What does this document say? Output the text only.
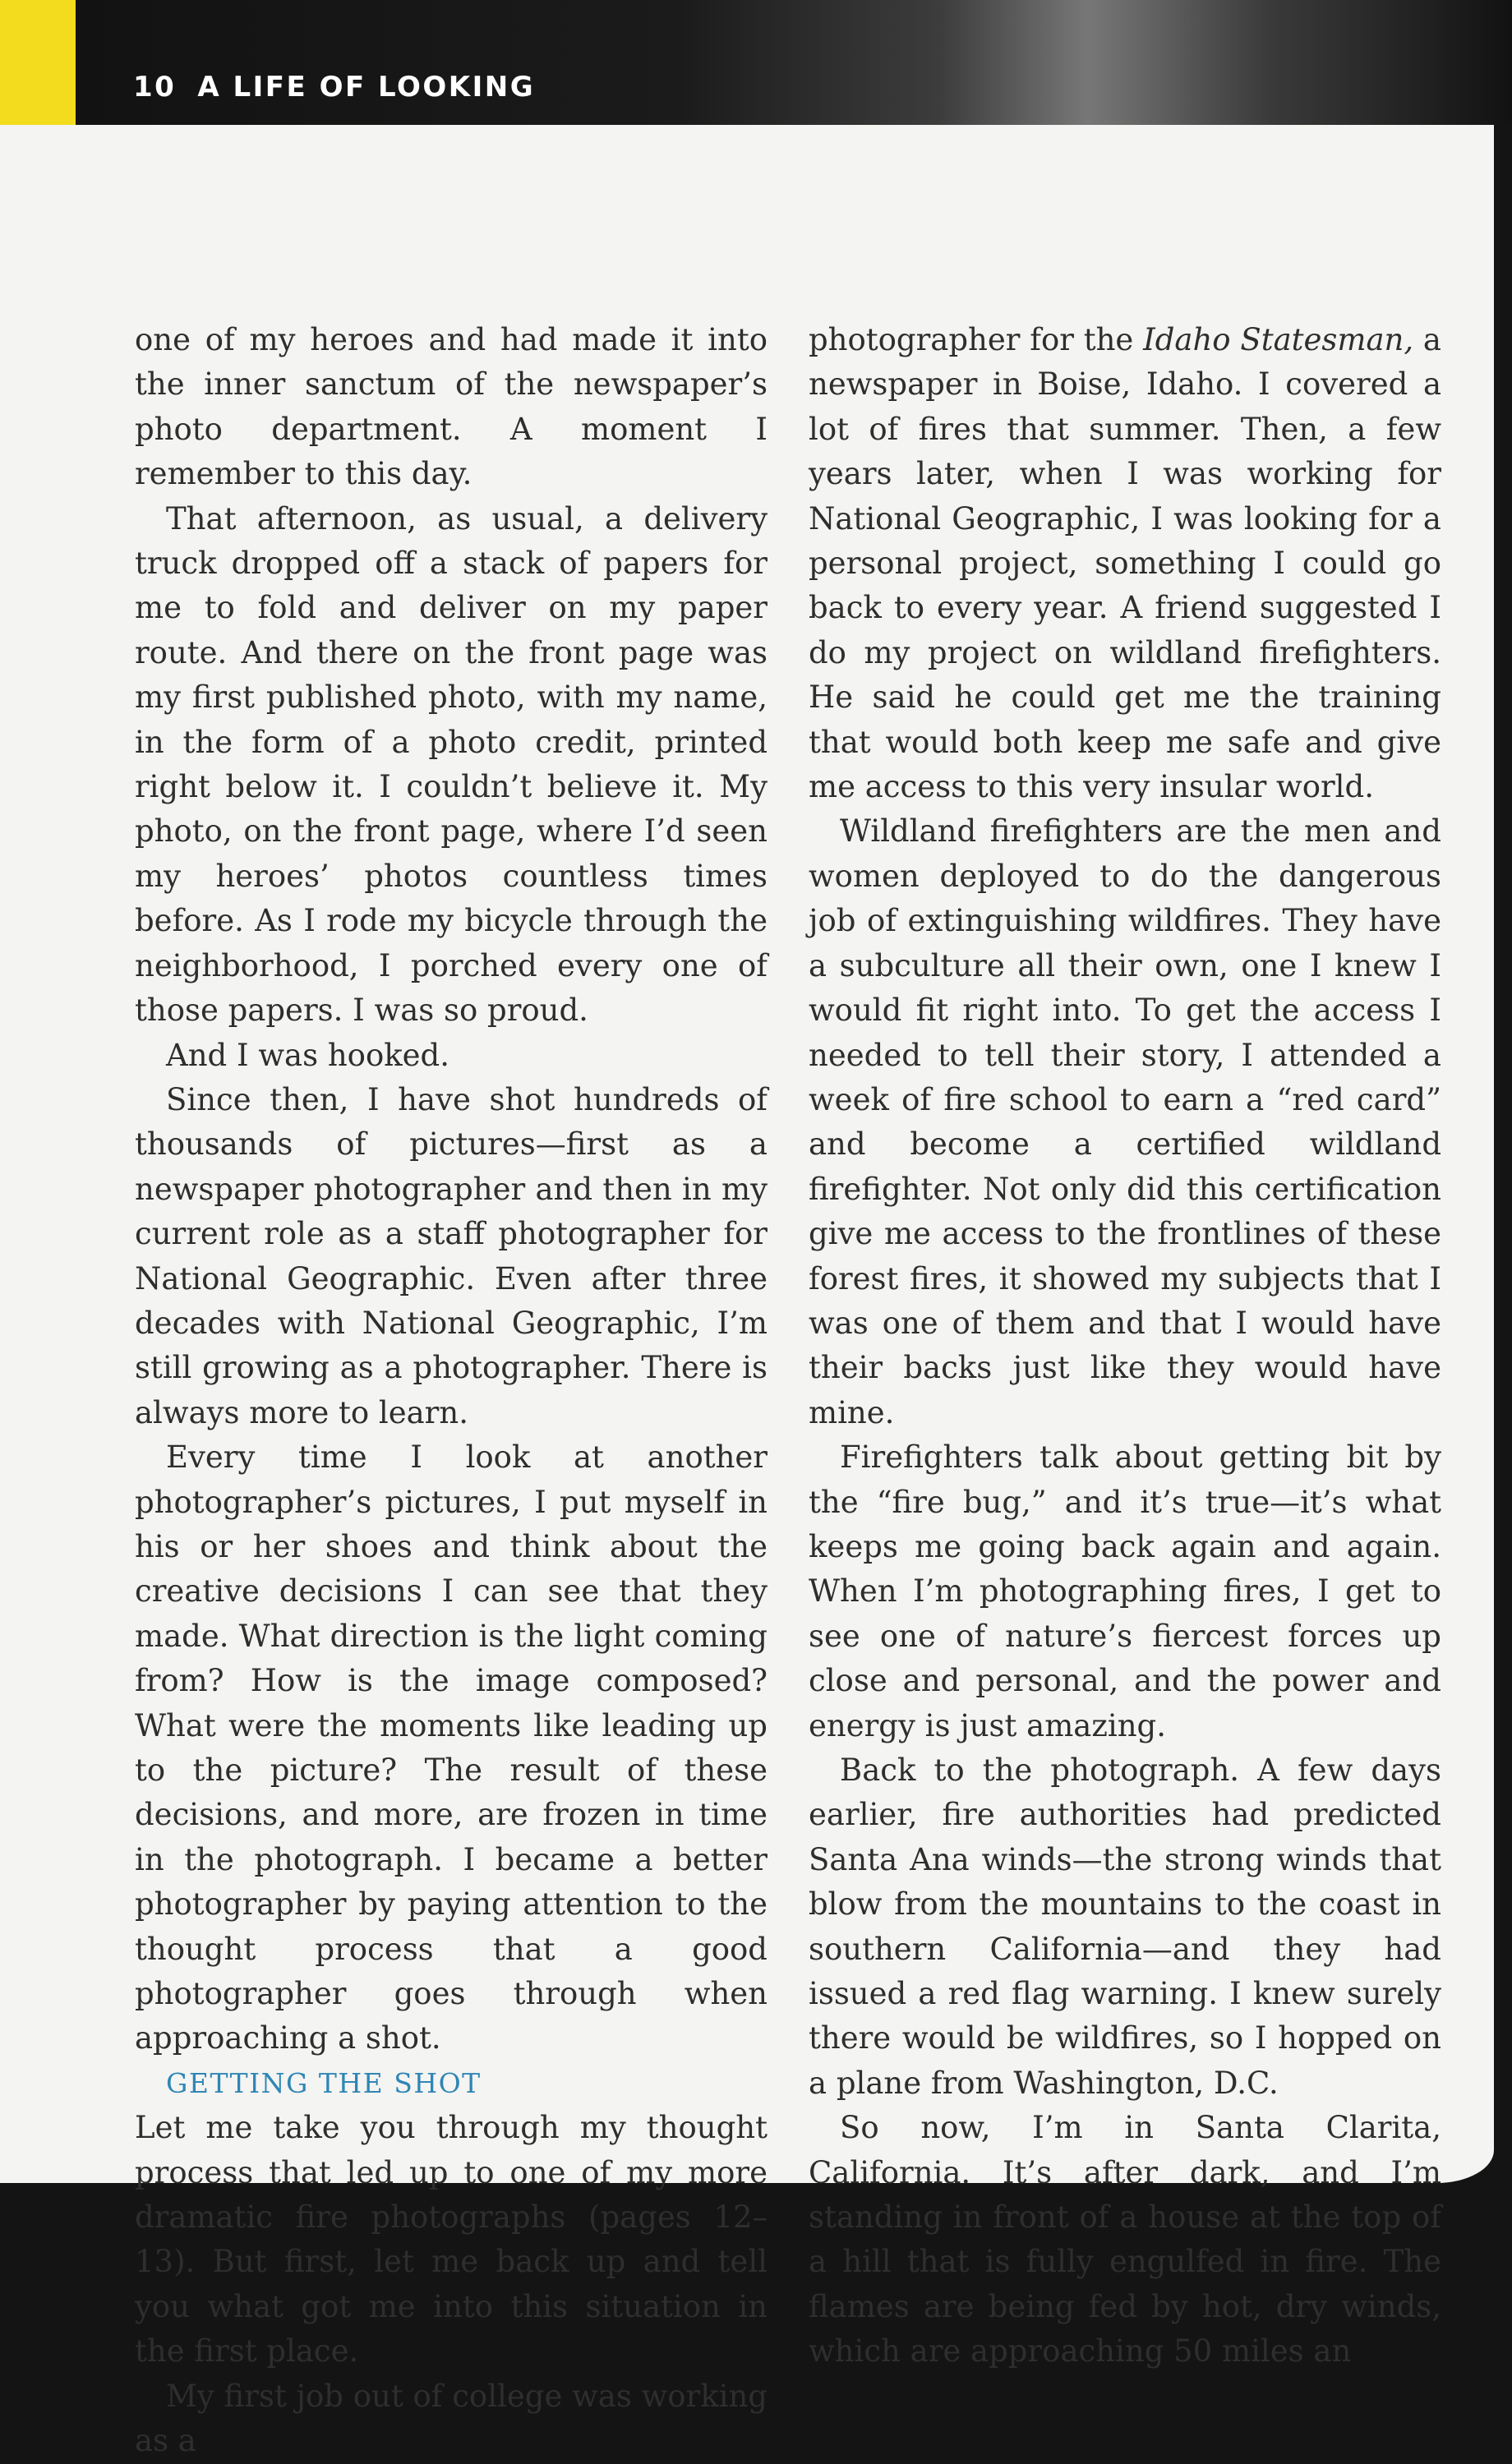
10 A LIFE OF LOOKING

one of my heroes and had made it into the inner sanctum of the newspaper’s photo department. A moment I remember to this day.

That afternoon, as usual, a delivery truck dropped off a stack of papers for me to fold and deliver on my paper route. And there on the front page was my first published photo, with my name, in the form of a photo credit, printed right below it. I couldn’t believe it. My photo, on the front page, where I’d seen my heroes’ photos countless times before. As I rode my bicycle through the neighborhood, I porched every one of those papers. I was so proud.

And I was hooked.

Since then, I have shot hundreds of thousands of pictures—first as a newspaper photographer and then in my current role as a staff photographer for National Geographic. Even after three decades with National Geographic, I’m still growing as a photographer. There is always more to learn.

Every time I look at another photographer’s pictures, I put myself in his or her shoes and think about the creative decisions I can see that they made. What direction is the light coming from? How is the image composed? What were the moments like leading up to the picture? The result of these decisions, and more, are frozen in time in the photograph. I became a better photographer by paying attention to the thought process that a good photographer goes through when approaching a shot.

GETTING THE SHOT

Let me take you through my thought process that led up to one of my more dramatic fire photographs (pages 12–13). But first, let me back up and tell you what got me into this situation in the first place.

My first job out of college was working as a

photographer for the Idaho Statesman, a newspaper in Boise, Idaho. I covered a lot of fires that summer. Then, a few years later, when I was working for National Geographic, I was looking for a personal project, something I could go back to every year. A friend suggested I do my project on wildland firefighters. He said he could get me the training that would both keep me safe and give me access to this very insular world.

Wildland firefighters are the men and women deployed to do the dangerous job of extinguishing wildfires. They have a subculture all their own, one I knew I would fit right into. To get the access I needed to tell their story, I attended a week of fire school to earn a “red card” and become a certified wildland firefighter. Not only did this certification give me access to the frontlines of these forest fires, it showed my subjects that I was one of them and that I would have their backs just like they would have mine.

Firefighters talk about getting bit by the “fire bug,” and it’s true—it’s what keeps me going back again and again. When I’m photographing fires, I get to see one of nature’s fiercest forces up close and personal, and the power and energy is just amazing.

Back to the photograph. A few days earlier, fire authorities had predicted Santa Ana winds—the strong winds that blow from the mountains to the coast in southern California—and they had issued a red flag warning. I knew surely there would be wildfires, so I hopped on a plane from Washington, D.C.

So now, I’m in Santa Clarita, California. It’s after dark, and I’m standing in front of a house at the top of a hill that is fully engulfed in fire. The flames are being fed by hot, dry winds, which are approaching 50 miles an
